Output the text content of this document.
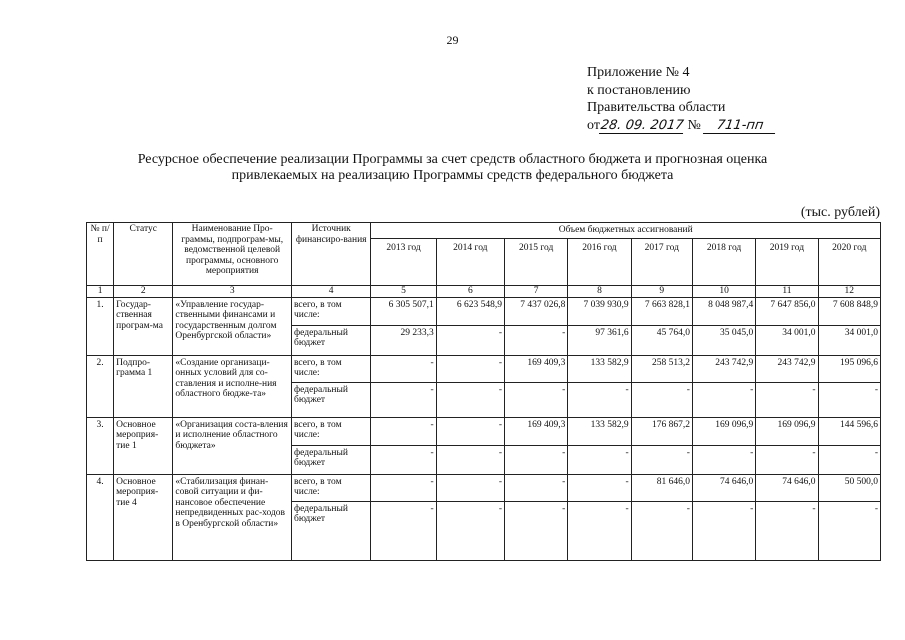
29
Приложение № 4
к постановлению
Правительства области
от28. 09. 2017 № 711-пп
Ресурсное обеспечение реализации Программы за счет средств областного бюджета и прогнозная оценка
привлекаемых на реализацию Программы средств федерального бюджета
(тыс. рублей)
№ п/п	Статус	Наименование Про-граммы, подпрограм-мы, ведомственной целевой программы, основного мероприятия	Источник финансиро-вания	Объем бюджетных ассигнований							
				2013 год	2014 год	2015 год	2016 год	2017 год	2018 год	2019 год	2020 год
1	2	3	4	5	6	7	8	9	10	11	12
1.	Государ-ственная програм-ма	«Управление государ-ственными финансами и государственным долгом Оренбургской области»	всего, в том числе:	6 305 507,1	6 623 548,9	7 437 026,8	7 039 930,9	7 663 828,1	8 048 987,4	7 647 856,0	7 608 848,9
			федеральный бюджет	29 233,3	-	-	97 361,6	45 764,0	35 045,0	34 001,0	34 001,0
2.	Подпро-грамма 1	«Создание организаци-онных условий для со-ставления и исполне-ния областного бюдже-та»	всего, в том числе:	-	-	169 409,3	133 582,9	258 513,2	243 742,9	243 742,9	195 096,6
			федеральный бюджет	-	-	-	-	-	-	-	-
3.	Основное мероприя-тие 1	«Организация соста-вления и исполнение областного бюджета»	всего, в том числе:	-	-	169 409,3	133 582,9	176 867,2	169 096,9	169 096,9	144 596,6
			федеральный бюджет	-	-	-	-	-	-	-	-
4.	Основное мероприя-тие 4	«Стабилизация финан-совой ситуации и фи-нансовое обеспечение непредвиденных рас-ходов в Оренбургской области»	всего, в том числе:	-	-	-	-	81 646,0	74 646,0	74 646,0	50 500,0
			федеральный бюджет	-	-	-	-	-	-	-	-
